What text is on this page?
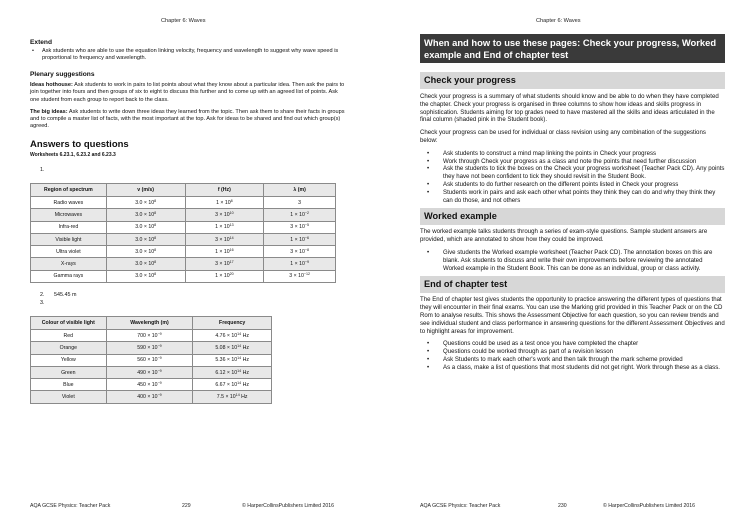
Chapter 6: Waves
Extend
• Ask students who are able to use the equation linking velocity, frequency and wavelength to suggest why wave speed is proportional to frequency and wavelength.
Plenary suggestions
Ideas hothouse: Ask students to work in pairs to list points about what they know about a particular idea. Then ask the pairs to join together into fours and then groups of six to eight to discuss this further and to come up with an agreed list of points. Ask one student from each group to report back to the class.
The big ideas: Ask students to write down three ideas they learned from the topic. Then ask them to share their facts in groups and to compile a master list of facts, with the most important at the top. Ask for ideas to be shared and find out which group(s) agreed.
Answers to questions
Worksheets 6.23.1, 6.23.2 and 6.23.3
1.
Region of spectrum	v (m/s)	f (Hz)	λ (m)
Radio waves	$3.0 \times 10^8$	$1 \times 10^8$	3
Microwaves	$3.0 \times 10^8$	$3 \times 10^{10}$	$1 \times 10^{-2}$
Infra-red	$3.0 \times 10^8$	$1 \times 10^{13}$	$3 \times 10^{-5}$
Visible light	$3.0 \times 10^8$	$3 \times 10^{14}$	$1 \times 10^{-6}$
Ultra violet	$3.0 \times 10^8$	$1 \times 10^{16}$	$3 \times 10^{-8}$
X-rays	$3.0 \times 10^8$	$3 \times 10^{17}$	$1 \times 10^{-9}$
Gamma rays	$3.0 \times 10^8$	$1 \times 10^{20}$	$3 \times 10^{-12}$
2. 545.45 m
3.
Colour of visible light	Wavelength (m)	Frequency
Red	$700 \times 10^{-9}$	$4.76 \times 10^{14}$ Hz
Orange	$590 \times 10^{-9}$	$5.08 \times 10^{14}$ Hz
Yellow	$560 \times 10^{-9}$	$5.36 \times 10^{14}$ Hz
Green	$490 \times 10^{-9}$	$6.12 \times 10^{14}$ Hz
Blue	$450 \times 10^{-9}$	$6.67 \times 10^{14}$ Hz
Violet	$400 \times 10^{-9}$	$7.5 \times 10^{14}$ Hz
AQA GCSE Physics: Teacher Pack	229	© HarperCollinsPublishers Limited 2016
Chapter 6: Waves
When and how to use these pages: Check your progress, Worked example and End of chapter test
Check your progress
Check your progress is a summary of what students should know and be able to do when they have completed the chapter. Check your progress is organised in three columns to show how ideas and skills progress in sophistication. Students aiming for top grades need to have mastered all the skills and ideas articulated in the final column (shaded pink in the Student book).
Check your progress can be used for individual or class revision using any combination of the suggestions below:
• Ask students to construct a mind map linking the points in Check your progress
• Work through Check your progress as a class and note the points that need further discussion
• Ask the students to tick the boxes on the Check your progress worksheet (Teacher Pack CD). Any points they have not been confident to tick they should revisit in the Student Book.
• Ask students to do further research on the different points listed in Check your progress
• Students work in pairs and ask each other what points they think they can do and why they think they can do those, and not others
Worked example
The worked example talks students through a series of exam-style questions. Sample student answers are provided, which are annotated to show how they could be improved.
• Give students the Worked example worksheet (Teacher Pack CD). The annotation boxes on this are blank. Ask students to discuss and write their own improvements before reviewing the annotated Worked example in the Student Book. This can be done as an individual, group or class activity.
End of chapter test
The End of chapter test gives students the opportunity to practice answering the different types of questions that they will encounter in their final exams. You can use the Marking grid provided in this Teacher Pack or on the CD Rom to analyse results. This shows the Assessment Objective for each question, so you can review trends and see individual student and class performance in answering questions for the different Assessment Objectives and to highlight areas for improvement.
• Questions could be used as a test once you have completed the chapter
• Questions could be worked through as part of a revision lesson
• Ask Students to mark each other's work and then talk through the mark scheme provided
• As a class, make a list of questions that most students did not get right. Work through these as a class.
AQA GCSE Physics: Teacher Pack	230	© HarperCollinsPublishers Limited 2016
